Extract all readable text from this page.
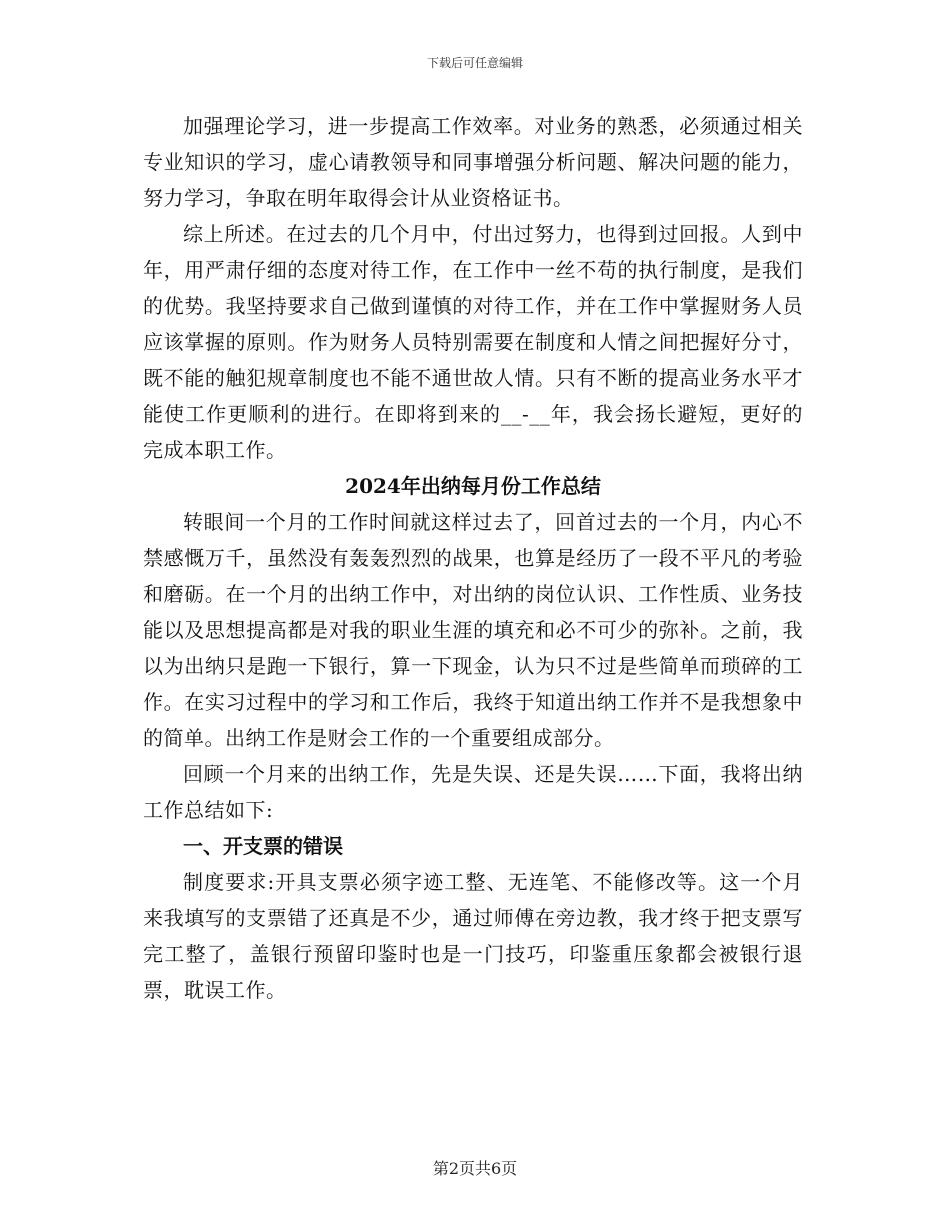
下载后可任意编辑

加强理论学习，进一步提高工作效率。对业务的熟悉，必须通过相关专业知识的学习，虚心请教领导和同事增强分析问题、解决问题的能力，努力学习，争取在明年取得会计从业资格证书。

综上所述。在过去的几个月中，付出过努力，也得到过回报。人到中年，用严肃仔细的态度对待工作，在工作中一丝不苟的执行制度，是我们的优势。我坚持要求自己做到谨慎的对待工作，并在工作中掌握财务人员应该掌握的原则。作为财务人员特别需要在制度和人情之间把握好分寸，既不能的触犯规章制度也不能不通世故人情。只有不断的提高业务水平才能使工作更顺利的进行。在即将到来的__-__年，我会扬长避短，更好的完成本职工作。

2024年出纳每月份工作总结

转眼间一个月的工作时间就这样过去了，回首过去的一个月，内心不禁感慨万千，虽然没有轰轰烈烈的战果，也算是经历了一段不平凡的考验和磨砺。在一个月的出纳工作中，对出纳的岗位认识、工作性质、业务技能以及思想提高都是对我的职业生涯的填充和必不可少的弥补。之前，我以为出纳只是跑一下银行，算一下现金，认为只不过是些简单而琐碎的工作。在实习过程中的学习和工作后，我终于知道出纳工作并不是我想象中的简单。出纳工作是财会工作的一个重要组成部分。

回顾一个月来的出纳工作，先是失误、还是失误……下面，我将出纳工作总结如下:

一、开支票的错误

制度要求:开具支票必须字迹工整、无连笔、不能修改等。这一个月来我填写的支票错了还真是不少，通过师傅在旁边教，我才终于把支票写完工整了，盖银行预留印鉴时也是一门技巧，印鉴重压象都会被银行退票，耽误工作。

第2页共6页
